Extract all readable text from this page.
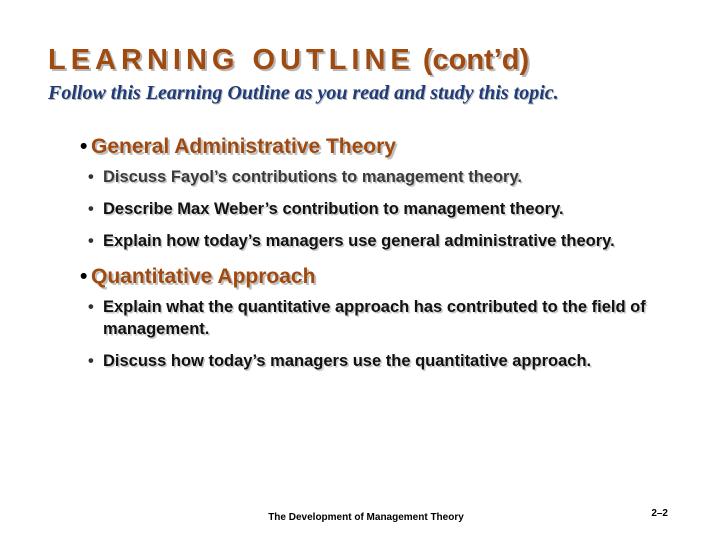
LEARNING OUTLINE (cont’d)
Follow this Learning Outline as you read and study this topic.
• General Administrative Theory
• Discuss Fayol’s contributions to management theory.
• Describe Max Weber’s contribution to management theory.
• Explain how today’s managers use general administrative theory.
• Quantitative Approach
• Explain what the quantitative approach has contributed to the field of management.
• Discuss how today’s managers use the quantitative approach.
The Development of Management Theory	2–2
